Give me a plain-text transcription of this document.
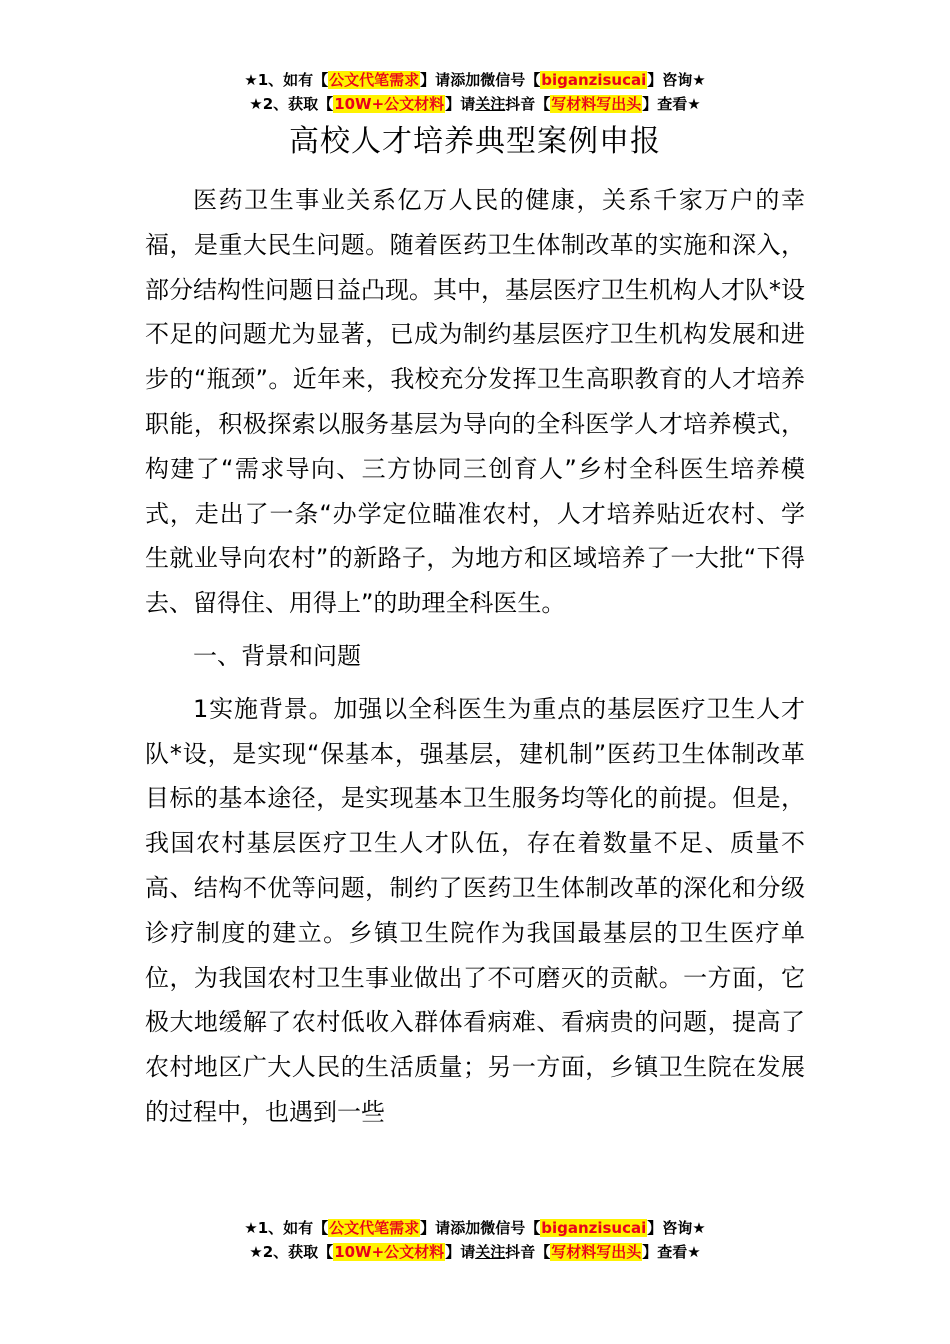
★1、如有【公文代笔需求】请添加微信号【biganzisucai】咨询★
★2、获取【10W+公文材料】请关注抖音【写材料写出头】查看★
高校人才培养典型案例申报

医药卫生事业关系亿万人民的健康，关系千家万户的幸福，是重大民生问题。随着医药卫生体制改革的实施和深入，部分结构性问题日益凸现。其中，基层医疗卫生机构人才队*设不足的问题尤为显著，已成为制约基层医疗卫生机构发展和进步的“瓶颈”。近年来，我校充分发挥卫生高职教育的人才培养职能，积极探索以服务基层为导向的全科医学人才培养模式，构建了“需求导向、三方协同三创育人”乡村全科医生培养模式，走出了一条“办学定位瞄准农村，人才培养贴近农村、学生就业导向农村”的新路子，为地方和区域培养了一大批“下得去、留得住、用得上”的助理全科医生。

一、背景和问题

1实施背景。加强以全科医生为重点的基层医疗卫生人才队*设，是实现“保基本，强基层，建机制”医药卫生体制改革目标的基本途径，是实现基本卫生服务均等化的前提。但是，我国农村基层医疗卫生人才队伍，存在着数量不足、质量不高、结构不优等问题，制约了医药卫生体制改革的深化和分级诊疗制度的建立。乡镇卫生院作为我国最基层的卫生医疗单位，为我国农村卫生事业做出了不可磨灭的贡献。一方面，它极大地缓解了农村低收入群体看病难、看病贵的问题，提高了农村地区广大人民的生活质量；另一方面，乡镇卫生院在发展的过程中，也遇到一些

★1、如有【公文代笔需求】请添加微信号【biganzisucai】咨询★
★2、获取【10W+公文材料】请关注抖音【写材料写出头】查看★
